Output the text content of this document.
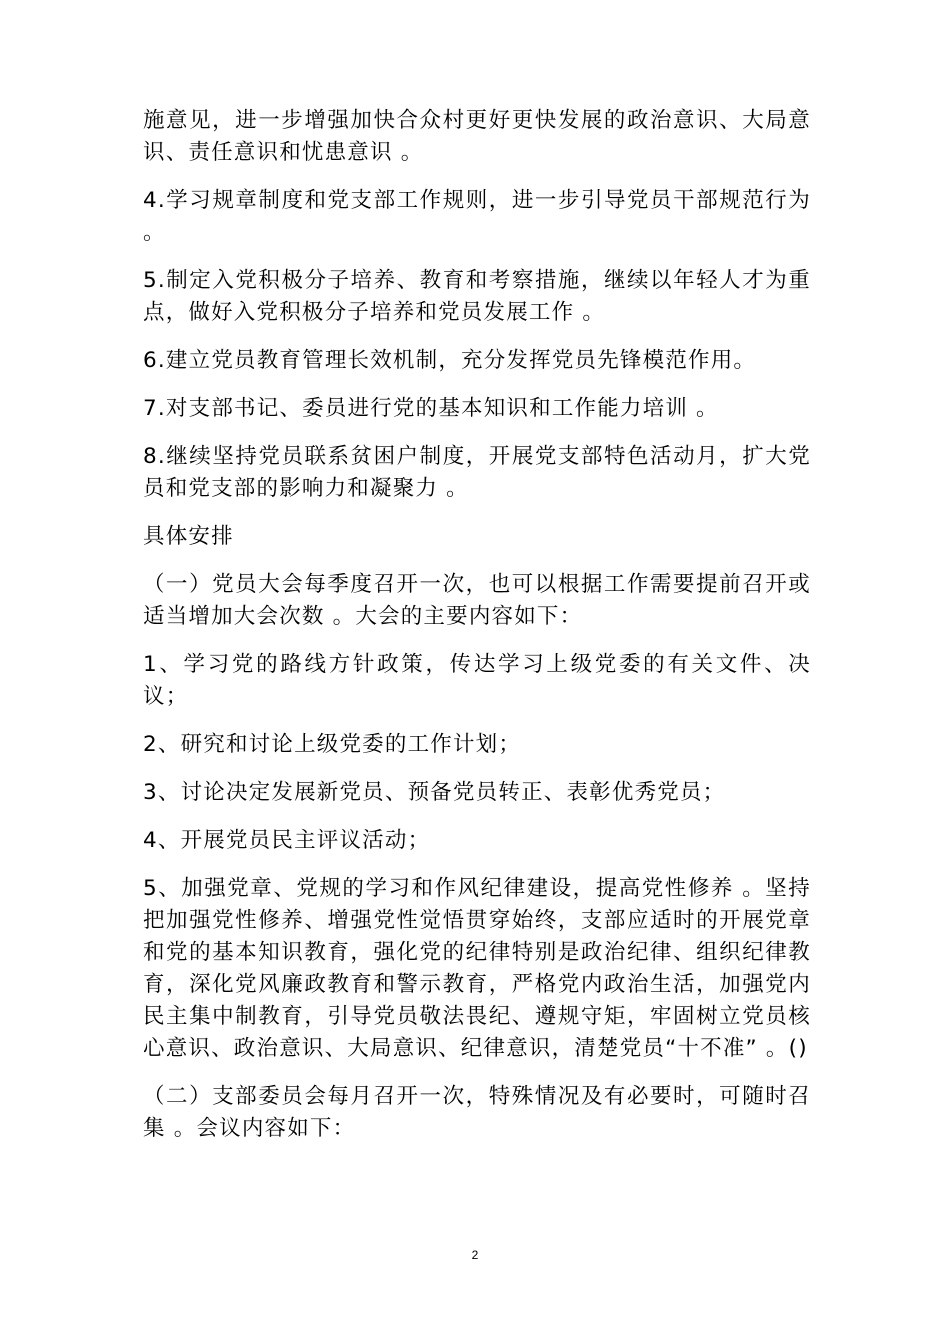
施意见，进一步增强加快合众村更好更快发展的政治意识、大局意识、责任意识和忧患意识 。

4.学习规章制度和党支部工作规则，进一步引导党员干部规范行为 。

5.制定入党积极分子培养、教育和考察措施，继续以年轻人才为重点，做好入党积极分子培养和党员发展工作 。

6.建立党员教育管理长效机制，充分发挥党员先锋模范作用。

7.对支部书记、委员进行党的基本知识和工作能力培训 。

8.继续坚持党员联系贫困户制度，开展党支部特色活动月，扩大党员和党支部的影响力和凝聚力 。

具体安排

（一）党员大会每季度召开一次，也可以根据工作需要提前召开或适当增加大会次数 。大会的主要内容如下：

1、学习党的路线方针政策，传达学习上级党委的有关文件、决议；

2、研究和讨论上级党委的工作计划；

3、讨论决定发展新党员、预备党员转正、表彰优秀党员；

4、开展党员民主评议活动；

5、加强党章、党规的学习和作风纪律建设，提高党性修养 。坚持把加强党性修养、增强党性觉悟贯穿始终，支部应适时的开展党章和党的基本知识教育，强化党的纪律特别是政治纪律、组织纪律教育，深化党风廉政教育和警示教育，严格党内政治生活，加强党内民主集中制教育，引导党员敬法畏纪、遵规守矩，牢固树立党员核心意识、政治意识、大局意识、纪律意识，清楚党员“十不准” 。()

（二）支部委员会每月召开一次，特殊情况及有必要时，可随时召集 。会议内容如下：

2
